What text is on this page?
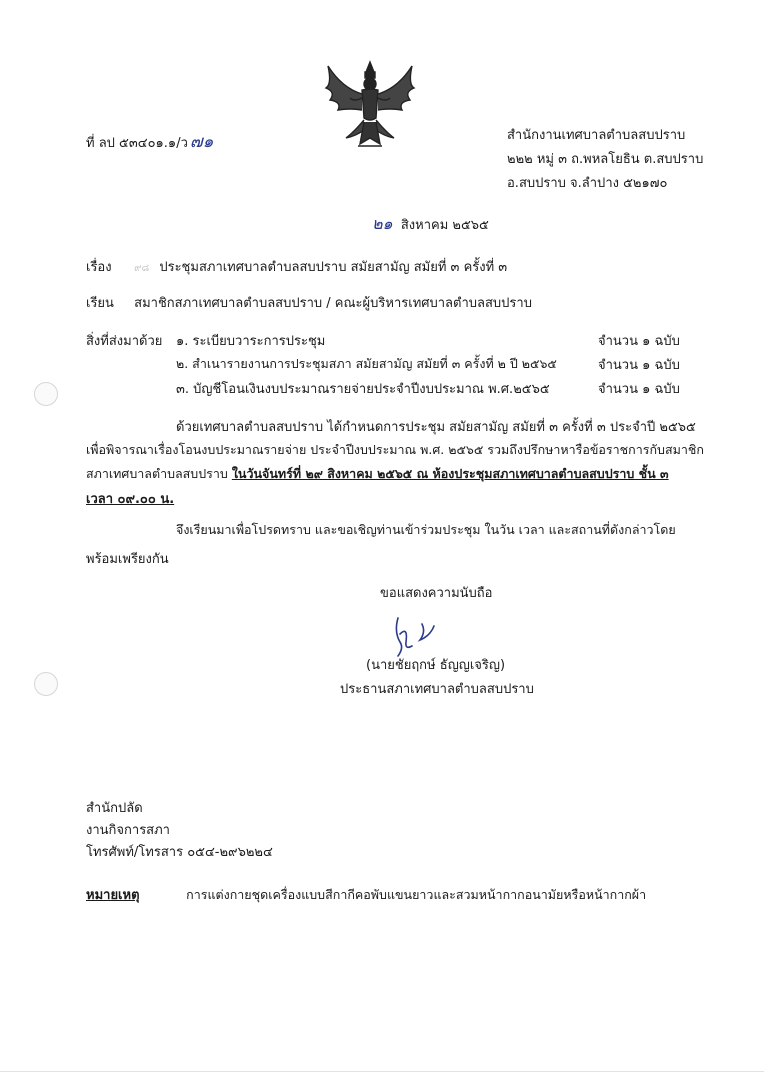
ที่ ลป ๕๓๔๐๑.๑/ว ๗๑	สำนักงานเทศบาลตำบลสบปราบ
๒๒๒ หมู่ ๓ ถ.พหลโยธิน ต.สบปราบ
อ.สบปราบ จ.ลำปาง ๕๒๑๗๐
๒๑ สิงหาคม ๒๕๖๕
เรื่อง ๙๘ ประชุมสภาเทศบาลตำบลสบปราบ สมัยสามัญ สมัยที่ ๓ ครั้งที่ ๓
เรียน สมาชิกสภาเทศบาลตำบลสบปราบ / คณะผู้บริหารเทศบาลตำบลสบปราบ
สิ่งที่ส่งมาด้วย ๑. ระเบียบวาระการประชุม	จำนวน ๑ ฉบับ
๒. สำเนารายงานการประชุมสภา สมัยสามัญ สมัยที่ ๓ ครั้งที่ ๒ ปี ๒๕๖๕	จำนวน ๑ ฉบับ
๓. บัญชีโอนเงินงบประมาณรายจ่ายประจำปีงบประมาณ พ.ศ.๒๕๖๕	จำนวน ๑ ฉบับ
ด้วยเทศบาลตำบลสบปราบ ได้กำหนดการประชุม สมัยสามัญ สมัยที่ ๓ ครั้งที่ ๓ ประจำปี ๒๕๖๕
เพื่อพิจารณาเรื่องโอนงบประมาณรายจ่าย ประจำปีงบประมาณ พ.ศ. ๒๕๖๕ รวมถึงปรึกษาหารือข้อราชการกับสมาชิก
สภาเทศบาลตำบลสบปราบ ในวันจันทร์ที่ ๒๙ สิงหาคม ๒๕๖๕ ณ ห้องประชุมสภาเทศบาลตำบลสบปราบ ชั้น ๓
เวลา ๐๙.๐๐ น.
จึงเรียนมาเพื่อโปรดทราบ และขอเชิญท่านเข้าร่วมประชุม ในวัน เวลา และสถานที่ดังกล่าวโดย
พร้อมเพรียงกัน
ขอแสดงความนับถือ
(นายชัยฤกษ์ ธัญญเจริญ)
ประธานสภาเทศบาลตำบลสบปราบ
สำนักปลัด
งานกิจการสภา
โทรศัพท์/โทรสาร ๐๕๔-๒๙๖๒๒๔
หมายเหตุ	การแต่งกายชุดเครื่องแบบสีกากีคอพับแขนยาวและสวมหน้ากากอนามัยหรือหน้ากากผ้า
